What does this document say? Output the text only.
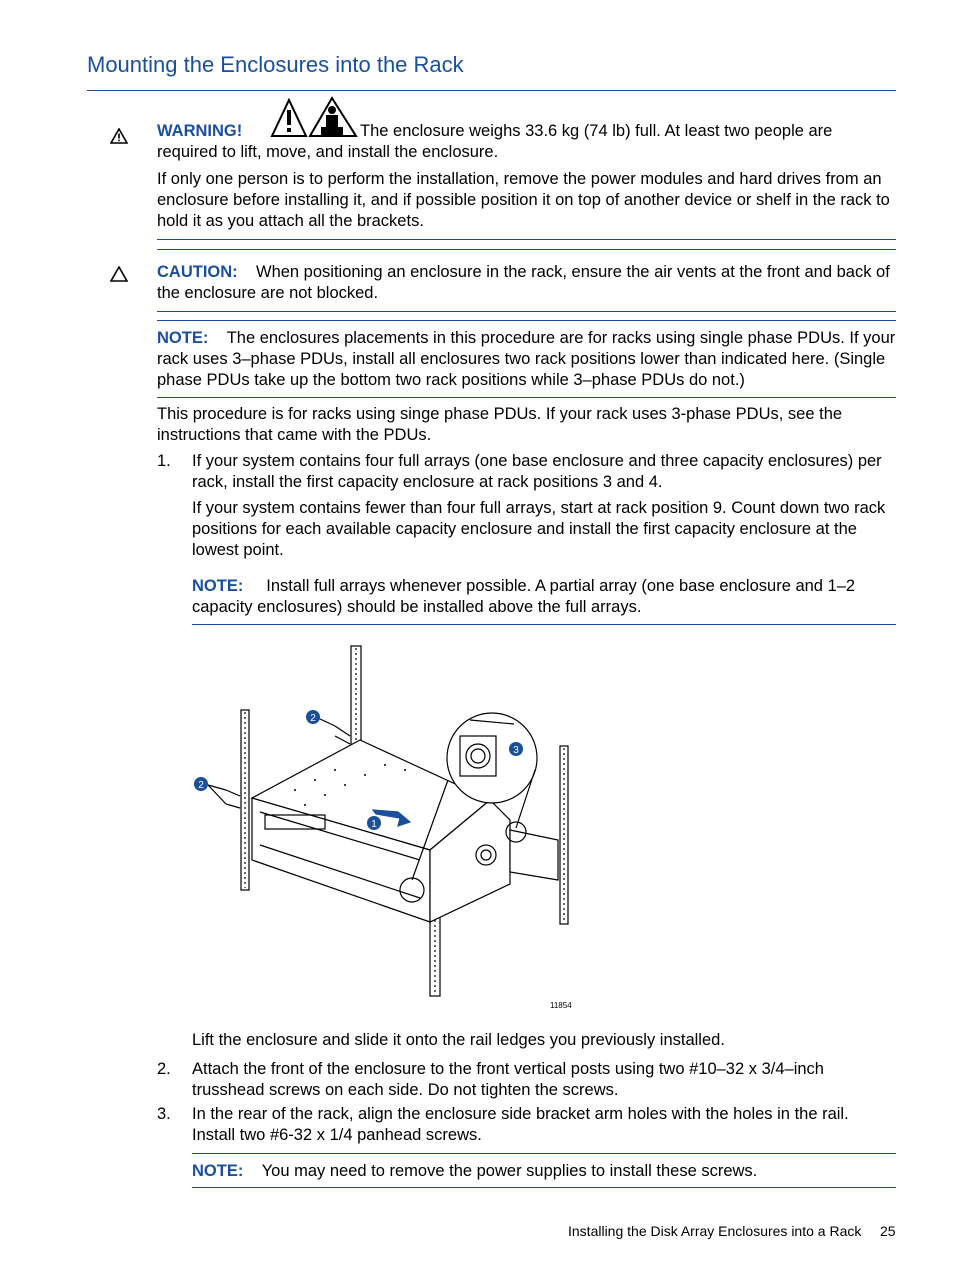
Mounting the Enclosures into the Rack
WARNING!	The enclosure weighs 33.6 kg (74 lb) full. At least two people are
required to lift, move, and install the enclosure.
If only one person is to perform the installation, remove the power modules and hard drives from an enclosure before installing it, and if possible position it on top of another device or shelf in the rack to hold it as you attach all the brackets.
CAUTION: When positioning an enclosure in the rack, ensure the air vents at the front and back of the enclosure are not blocked.
NOTE: The enclosures placements in this procedure are for racks using single phase PDUs. If your rack uses 3–phase PDUs, install all enclosures two rack positions lower than indicated here. (Single phase PDUs take up the bottom two rack positions while 3–phase PDUs do not.)
This procedure is for racks using singe phase PDUs. If your rack uses 3-phase PDUs, see the instructions that came with the PDUs.
1. If your system contains four full arrays (one base enclosure and three capacity enclosures) per rack, install the first capacity enclosure at rack positions 3 and 4.
If your system contains fewer than four full arrays, start at rack position 9. Count down two rack positions for each available capacity enclosure and install the first capacity enclosure at the lowest point.
NOTE: Install full arrays whenever possible. A partial array (one base enclosure and 1–2 capacity enclosures) should be installed above the full arrays.
1
2
2
3
11854
Lift the enclosure and slide it onto the rail ledges you previously installed.
2. Attach the front of the enclosure to the front vertical posts using two #10–32 x 3/4–inch trusshead screws on each side. Do not tighten the screws.
3. In the rear of the rack, align the enclosure side bracket arm holes with the holes in the rail. Install two #6-32 x 1/4 panhead screws.
NOTE: You may need to remove the power supplies to install these screws.
Installing the Disk Array Enclosures into a Rack 25
